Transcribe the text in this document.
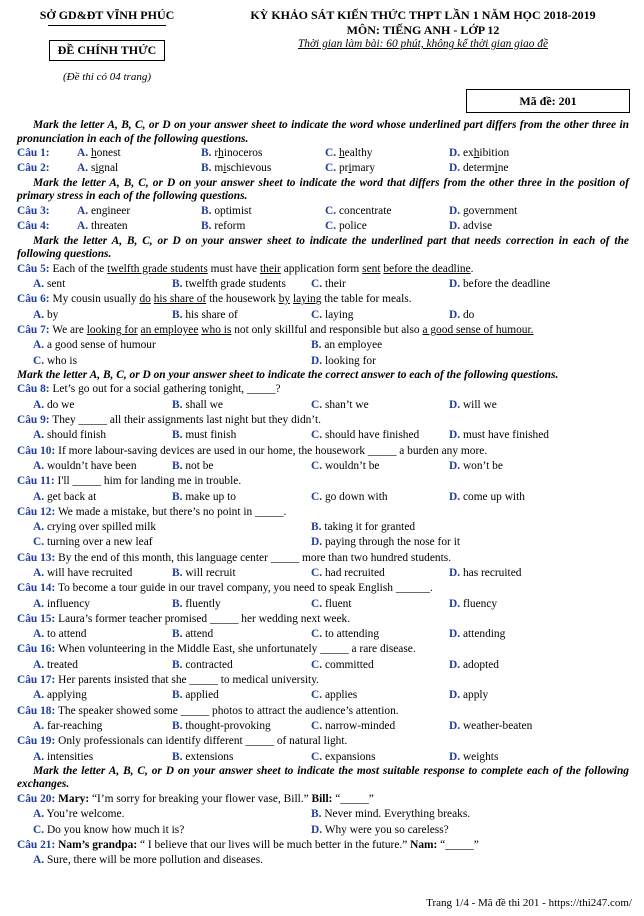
SỞ GD&ĐT VĨNH PHÚC
ĐỀ CHÍNH THỨC
(Đề thi có 04 trang)
KỲ KHẢO SÁT KIẾN THỨC THPT LẦN 1 NĂM HỌC 2018-2019
MÔN: TIẾNG ANH - LỚP 12
Thời gian làm bài: 60 phút, không kể thời gian giao đề
Mã đề: 201
Mark the letter A, B, C, or D on your answer sheet to indicate the word whose underlined part differs from the other three in pronunciation in each of the following questions.
Câu 1: A. honest	B. rhinoceros	C. healthy	D. exhibition
Câu 2: A. signal	B. mischievous	C. primary	D. determine
Mark the letter A, B, C, or D on your answer sheet to indicate the word that differs from the other three in the position of primary stress in each of the following questions.
Câu 3: A. engineer	B. optimist	C. concentrate	D. government
Câu 4: A. threaten	B. reform	C. police	D. advise
Mark the letter A, B, C, or D on your answer sheet to indicate the underlined part that needs correction in each of the following questions.
Câu 5: Each of the twelfth grade students must have their application form sent before the deadline.
A. sent	B. twelfth grade students C. their	D. before the deadline
Câu 6: My cousin usually do his share of the housework by laying the table for meals.
A. by	B. his share of	C. laying	D. do
Câu 7: We are looking for an employee who is not only skillful and responsible but also a good sense of humour.
A. a good sense of humour	B. an employee
C. who is	D. looking for
Mark the letter A, B, C, or D on your answer sheet to indicate the correct answer to each of the following questions.
Câu 8: Let’s go out for a social gathering tonight, _____?
A. do we	B. shall we	C. shan’t we	D. will we
Câu 9: They _____ all their assignments last night but they didn’t.
A. should finish	B. must finish	C. should have finished	D. must have finished
Câu 10: If more labour-saving devices are used in our home, the housework _____ a burden any more.
A. wouldn’t have been	B. not be	C. wouldn’t be	D. won’t be
Câu 11: I'll _____ him for landing me in trouble.
A. get back at	B. make up to	C. go down with	D. come up with
Câu 12: We made a mistake, but there’s no point in _____.
A. crying over spilled milk	B. taking it for granted
C. turning over a new leaf	D. paying through the nose for it
Câu 13: By the end of this month, this language center _____ more than two hundred students.
A. will have recruited	B. will recruit	C. had recruited	D. has recruited
Câu 14: To become a tour guide in our travel company, you need to speak English ______.
A. influency	B. fluently	C. fluent	D. fluency
Câu 15: Laura’s former teacher promised _____ her wedding next week.
A. to attend	B. attend	C. to attending	D. attending
Câu 16: When volunteering in the Middle East, she unfortunately _____ a rare disease.
A. treated	B. contracted	C. committed	D. adopted
Câu 17: Her parents insisted that she _____ to medical university.
A. applying	B. applied	C. applies	D. apply
Câu 18: The speaker showed some _____ photos to attract the audience’s attention.
A. far-reaching	B. thought-provoking	C. narrow-minded	D. weather-beaten
Câu 19: Only professionals can identify different _____ of natural light.
A. intensities	B. extensions	C. expansions	D. weights
Mark the letter A, B, C, or D on your answer sheet to indicate the most suitable response to complete each of the following exchanges.
Câu 20: Mary: “I’m sorry for breaking your flower vase, Bill.” Bill: “_____”
A. You’re welcome.	B. Never mind. Everything breaks.
C. Do you know how much it is?	D. Why were you so careless?
Câu 21: Nam’s grandpa: “ I believe that our lives will be much better in the future.” Nam: “_____”
A. Sure, there will be more pollution and diseases.
Trang 1/4 - Mã đề thi 201 - https://thi247.com/
